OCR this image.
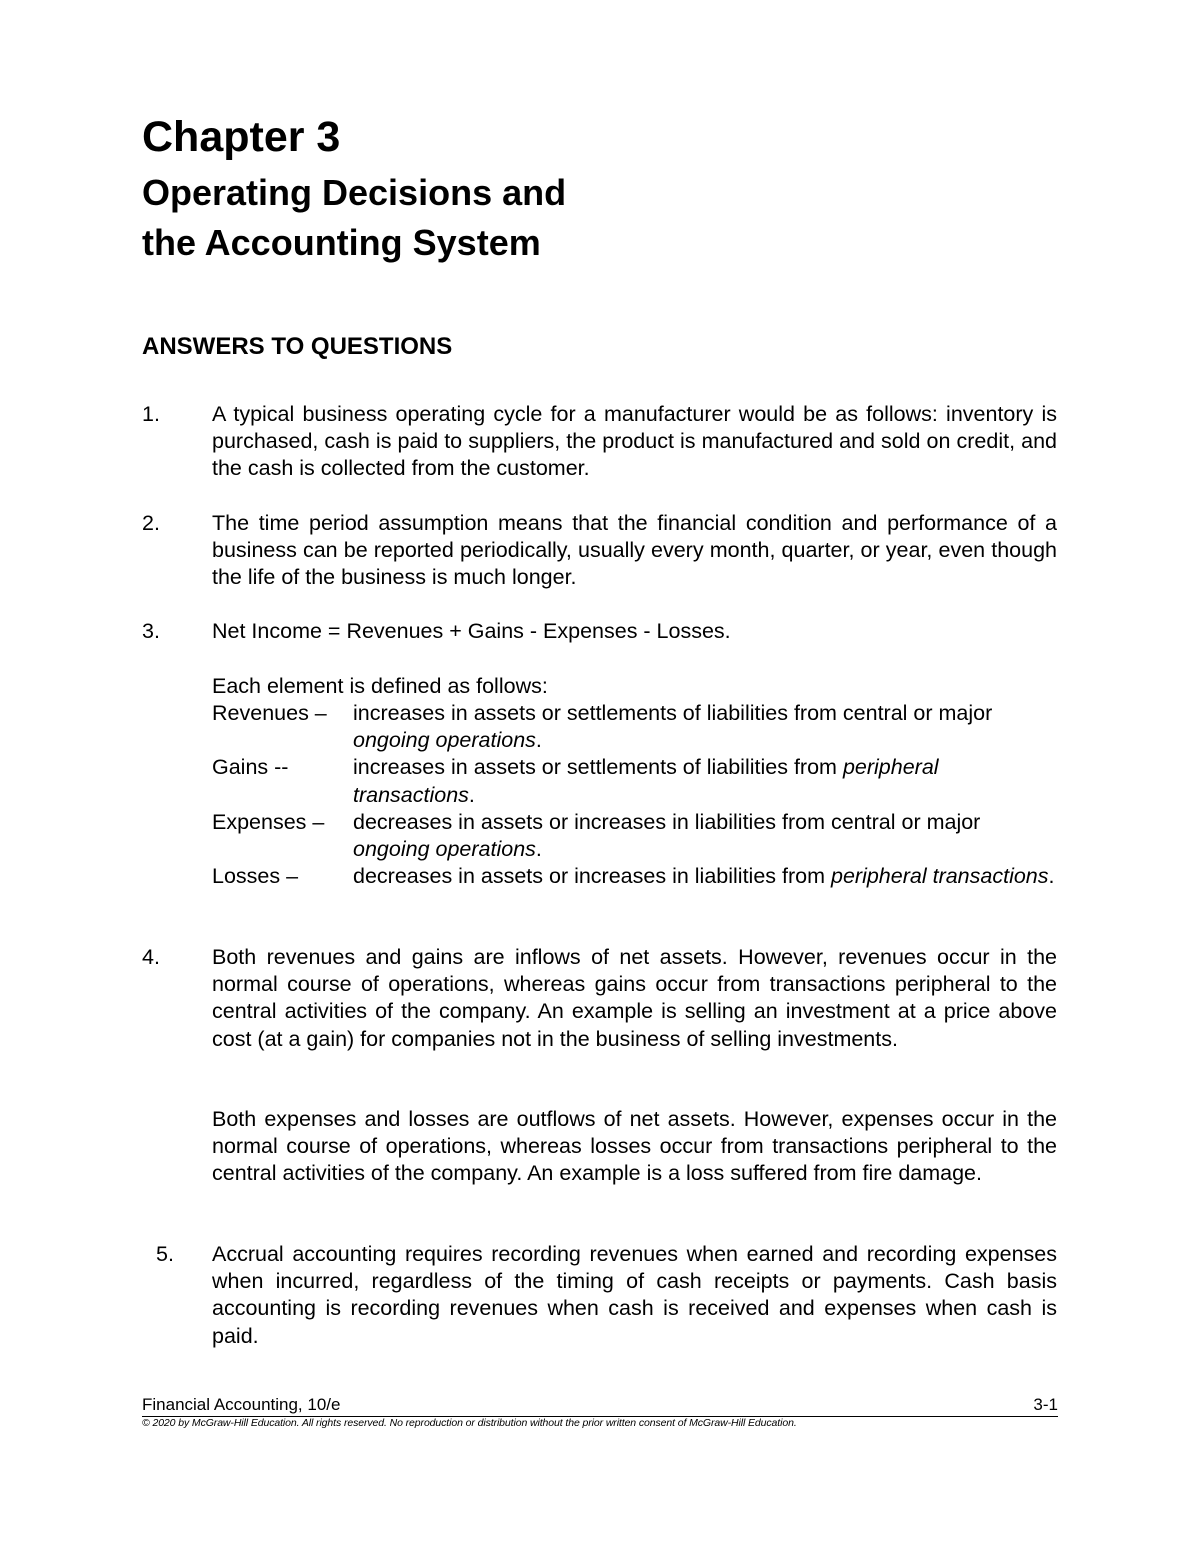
Chapter 3
Operating Decisions and
the Accounting System
ANSWERS TO QUESTIONS
1.	A typical business operating cycle for a manufacturer would be as follows: inventory is purchased, cash is paid to suppliers, the product is manufactured and sold on credit, and the cash is collected from the customer.
2.	The time period assumption means that the financial condition and performance of a business can be reported periodically, usually every month, quarter, or year, even though the life of the business is much longer.
3.	Net Income = Revenues + Gains - Expenses - Losses.
Each element is defined as follows:
Revenues – increases in assets or settlements of liabilities from central or major
ongoing operations.
Gains --	increases in assets or settlements of liabilities from peripheral transactions.
Expenses – decreases in assets or increases in liabilities from central or major
ongoing operations.
Losses –	decreases in assets or increases in liabilities from peripheral transactions.
4.	Both revenues and gains are inflows of net assets. However, revenues occur in the normal course of operations, whereas gains occur from transactions peripheral to the central activities of the company. An example is selling an investment at a price above cost (at a gain) for companies not in the business of selling investments.
Both expenses and losses are outflows of net assets. However, expenses occur in the normal course of operations, whereas losses occur from transactions peripheral to the central activities of the company. An example is a loss suffered from fire damage.
5.	Accrual accounting requires recording revenues when earned and recording expenses when incurred, regardless of the timing of cash receipts or payments. Cash basis accounting is recording revenues when cash is received and expenses when cash is paid.
Financial Accounting, 10/e	3-1
© 2020 by McGraw-Hill Education. All rights reserved. No reproduction or distribution without the prior written consent of McGraw-Hill Education.
